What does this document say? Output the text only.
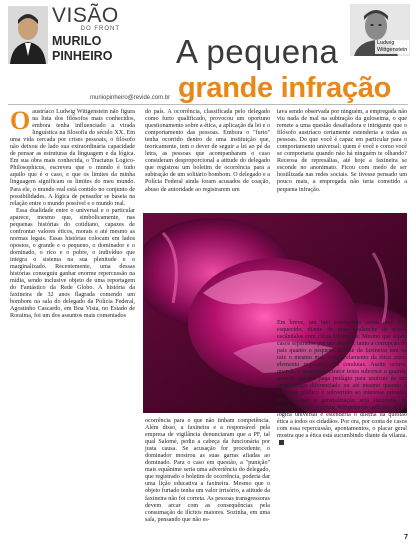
VISÃO
DO FRONT
MURILO
PINHEIRO
muriiopinheiro@revide.com.br
A pequena
grande infração
Ludwig
Wittgenstein

Oaustríaco Ludwig Wittgenstein não figura na lista dos filósofos mais conhecidos, embora tenha influenciado a virada linguística na filosofia do século XX. Em uma vida cercada por crises pessoais, o filósofo não deixou de lado sua extraordinária capacidade de pensar as estruturas da linguagem e da lógica. Em sua obra mais conhecida, o Tractatus Logico-Philosophicus, escreveu que o mundo é tudo aquilo que é o caso, e que os limites da minha linguagem significam os limites do meu mundo. Para ele, o mundo real está contido no conjunto de possibilidades. A lógica de pensador se baseia na relação entre o mundo possível e o mundo real.

Essa dualidade entre o universal e o particular aparece, mesmo que, simbolicamente, nas pequenas histórias do cotidiano, capazes de confrontar valores éticos, morais e até mesmo as normas legais. Essas histórias colocam em lados opostos, o grande e o pequeno, o dominador e o dominado, o rico e o pobre, o indivíduo que integra o sistema na sua plenitude e o marginalizado. Recentemente, uma dessas histórias conseguiu ganhar enorme repercussão na mídia, sendo inclusive objeto de uma reportagem do Fantástico da Rede Globo. A história da faxineira de 32 anos flagrada comendo um bombom na sala do delegado da Polícia Federal, Agostinho Cascardo, em Boa Vista, no Estado de Roraima, foi um dos assuntos mais comentados

do país. A ocorrência, classificada pelo delegado como furto qualificado, provocou um oportuno questionamento sobre a ética, a aplicação da lei e o comportamento das pessoas. Embora o "furto" tenha ocorrido dentro de uma instituição que, teoricamente, tem o dever de seguir a lei ao pé da letra, as pessoas que acompanharam o caso consideram desproporcional a atitude do delegado que registrou um boletim de ocorrência para a subtração de um solitário bombom. O delegado e a Polícia Federal ainda foram acusados de coação, abuso de autoridade ao registrarem um

ocorrência para o que não tinham competência. Além disso, a faxineira e a responsável pela empresa de vigilância denunciaram que a PF, tal qual Salomé, pediu a cabeça da funcionária por justa causa. Se acusação for procedente, o dominador mostrou as suas garras afiadas ao dominado. Para o caso em questão, a "punição" mais equânime seria uma advertência do delegado, que registrado o boletim de ocorrência, poderia dar uma lição educativa a faxineira. Mesmo que o objeto furtado tenha um valor irrisório, a atitude da faxineira não foi correta. As pessoas transgressoras devem arcar com as consequências pela consumação de ilícitos maiores. Sozinha, em uma sala, pensando que não es-

tava sendo observada por ninguém, a empregada não viu nada de mal na subtração da guloseima, o que remete a uma questão desafiadora e intrigante que o filósofo austríaco certamente estenderia a todas as pessoas. Do que você é capaz em particular para o comportamento universal: quem é você e como você se comportaria quando não há ninguém te olhando? Receosa de represálias, até hoje a faxineira se esconde no anonimato. Ficou com medo de ser hostilizada nas redes sociais. Se tivesse pensado um pouco mais, a empregada não teria cometido a pequena infração.

Em breve, um fato corriqueiro como esse será esquecido, diante de uma avalanche de novos escândalos com cifras bilionárias. Mesmo que sejam casos separados por um abismo, tanto a corrupção do país quanto o pequeno deslize da faxineira tem na raiz o mesmo mal: o esfacelamento da ética como elemento regulador das condutas. Assim ocorre, quando o motorista infrator tenta subornar o guarda, quando alguém paga pedágio para usufruir de um atendimento diferenciado ou até mesmo quando o interesse público é subvertido ao interesse privado. Mesmo que a generalização seja incorreta, se estivesse vivo, Ludwig Wittgenstein aplicaria a sua lógica universal e estenderia o dilema da questão ética a todos os cidadãos. Por ora, por conta de casos com essa repercussão, apontamentos, o placar geral mostra que a ética está sucumbindo diante da vilania.

7
